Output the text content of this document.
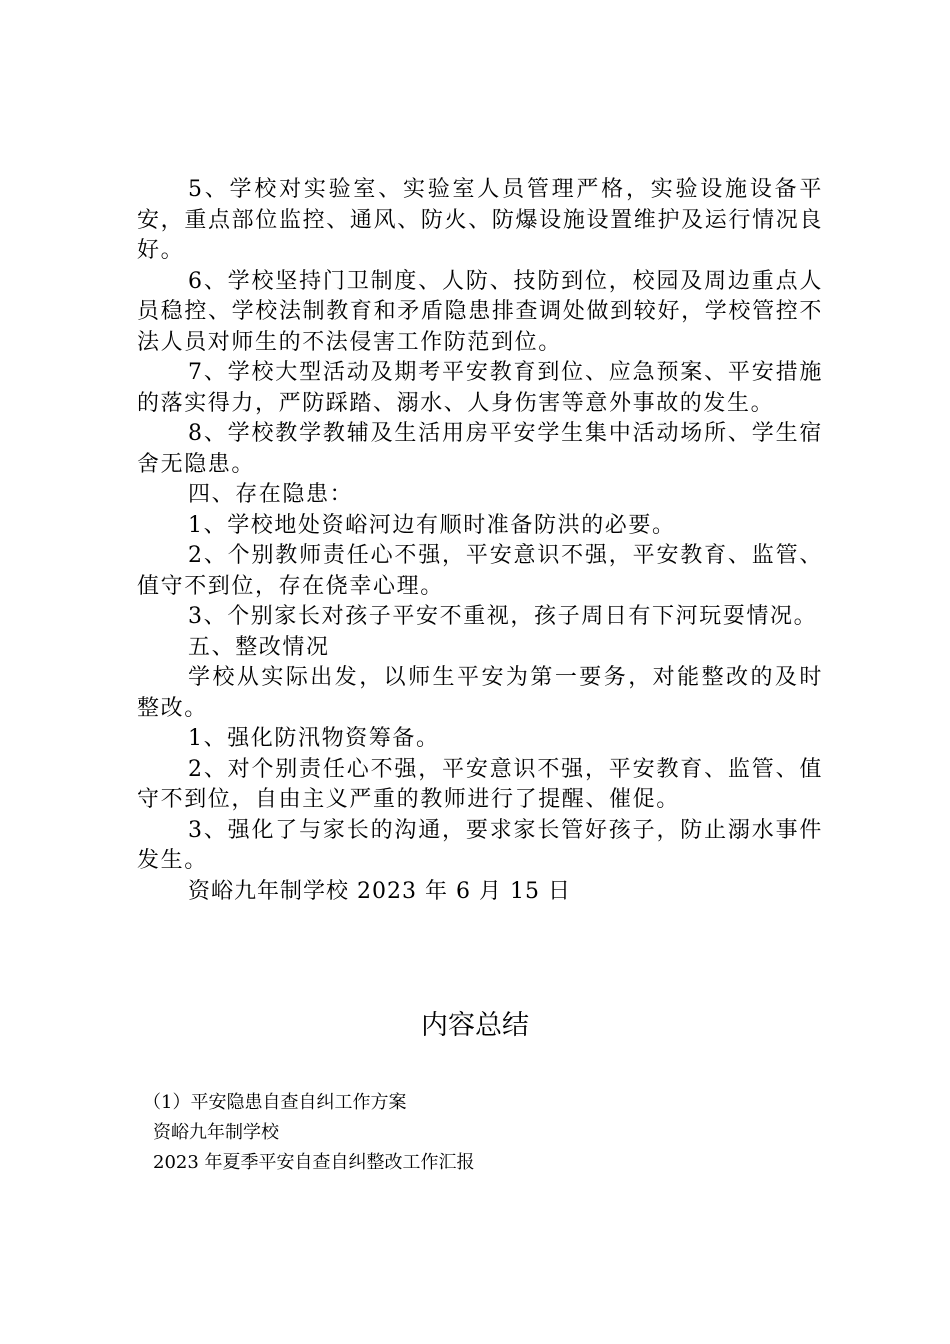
5、学校对实验室、实验室人员管理严格，实验设施设备平安，重点部位监控、通风、防火、防爆设施设置维护及运行情况良好。

6、学校坚持门卫制度、人防、技防到位，校园及周边重点人员稳控、学校法制教育和矛盾隐患排查调处做到较好，学校管控不法人员对师生的不法侵害工作防范到位。

7、学校大型活动及期考平安教育到位、应急预案、平安措施的落实得力，严防踩踏、溺水、人身伤害等意外事故的发生。

8、学校教学教辅及生活用房平安学生集中活动场所、学生宿舍无隐患。

四、存在隐患：

1、学校地处资峪河边有顺时准备防洪的必要。

2、个别教师责任心不强，平安意识不强，平安教育、监管、值守不到位，存在侥幸心理。

3、个别家长对孩子平安不重视，孩子周日有下河玩耍情况。

五、整改情况

学校从实际出发，以师生平安为第一要务，对能整改的及时整改。

1、强化防汛物资筹备。

2、对个别责任心不强，平安意识不强，平安教育、监管、值守不到位，自由主义严重的教师进行了提醒、催促。

3、强化了与家长的沟通，要求家长管好孩子，防止溺水事件发生。

资峪九年制学校 2023 年 6 月 15 日

内容总结

（1）平安隐患自查自纠工作方案

资峪九年制学校

2023 年夏季平安自查自纠整改工作汇报
